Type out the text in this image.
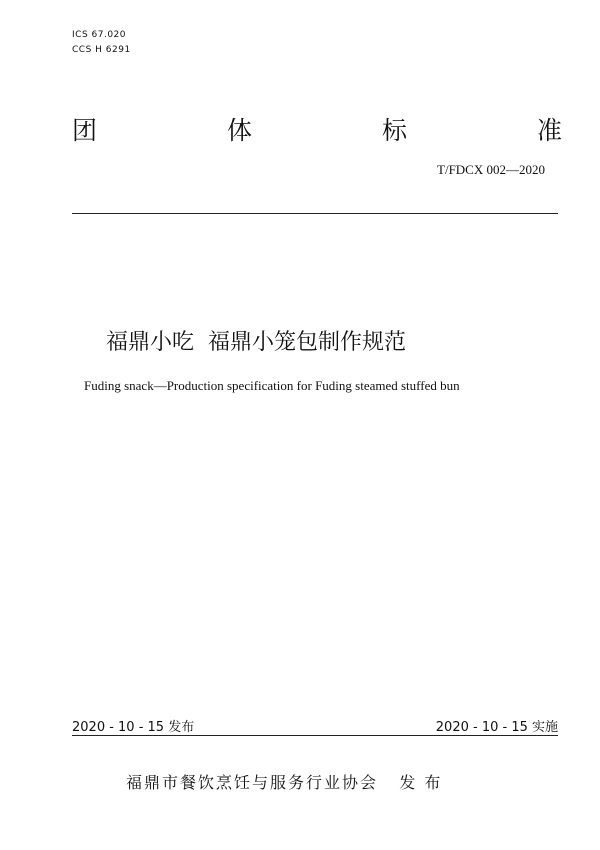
ICS 67.020
CCS H 6291
团	体	标	准
T/FDCX 002—2020
福鼎小吃  福鼎小笼包制作规范
Fuding snack—Production specification for Fuding steamed stuffed bun
2020 - 10 - 15 发布	2020 - 10 - 15 实施
福鼎市餐饮烹饪与服务行业协会   发 布
